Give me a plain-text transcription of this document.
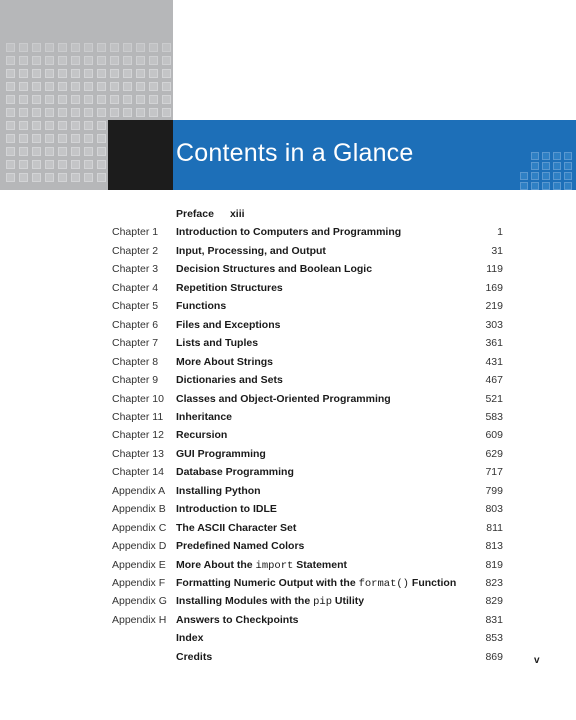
Contents in a Glance
Preface xiii
Chapter 1 Introduction to Computers and Programming	1
Chapter 2 Input, Processing, and Output	31
Chapter 3 Decision Structures and Boolean Logic	119
Chapter 4 Repetition Structures	169
Chapter 5 Functions	219
Chapter 6 Files and Exceptions	303
Chapter 7 Lists and Tuples	361
Chapter 8 More About Strings	431
Chapter 9 Dictionaries and Sets	467
Chapter 10 Classes and Object-Oriented Programming	521
Chapter 11 Inheritance	583
Chapter 12 Recursion	609
Chapter 13 GUI Programming	629
Chapter 14 Database Programming	717
Appendix A Installing Python	799
Appendix B Introduction to IDLE	803
Appendix C The ASCII Character Set	811
Appendix D Predefined Named Colors	813
Appendix E More About the import Statement	819
Appendix F Formatting Numeric Output with the format() Function	823
Appendix G Installing Modules with the pip Utility	829
Appendix H Answers to Checkpoints	831
Index	853
Credits	869	v
